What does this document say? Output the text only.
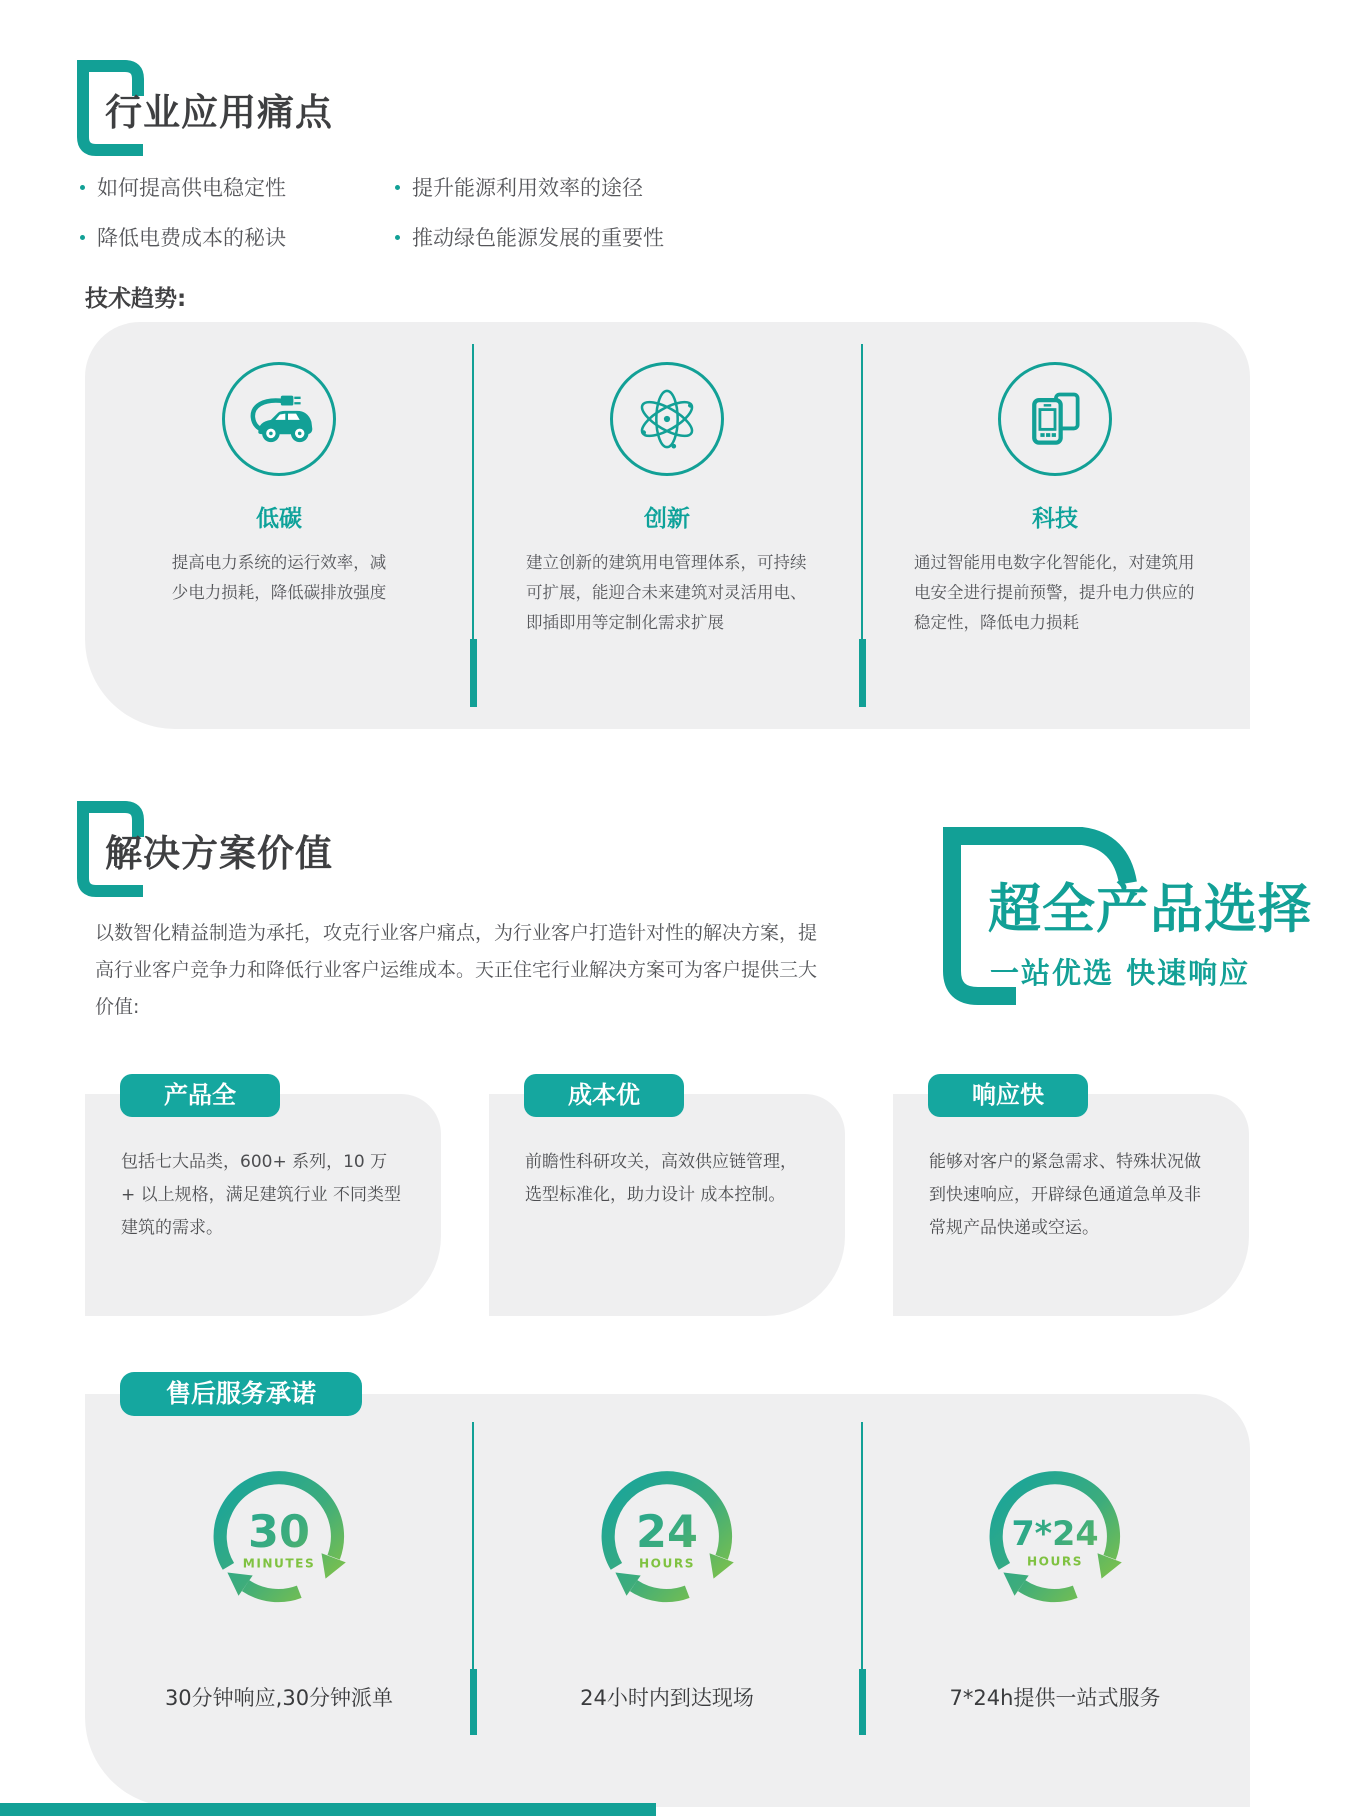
行业应用痛点
如何提高供电稳定性	提升能源利用效率的途径
降低电费成本的秘诀	推动绿色能源发展的重要性
技术趋势:
低碳
提高电力系统的运行效率，减少电力损耗，降低碳排放强度
创新
建立创新的建筑用电管理体系，可持续可扩展，能迎合未来建筑对灵活用电、即插即用等定制化需求扩展
科技
通过智能用电数字化智能化，对建筑用电安全进行提前预警，提升电力供应的稳定性，降低电力损耗
解决方案价值

以数智化精益制造为承托，攻克行业客户痛点，为行业客户打造针对性的解决方案，提高行业客户竞争力和降低行业客户运维成本。天正住宅行业解决方案可为客户提供三大价值:

超全产品选择
一站优选 快速响应
产品全
包括七大品类，600+ 系列，10 万 + 以上规格，满足建筑行业 不同类型建筑的需求。
成本优
前瞻性科研攻关，高效供应链管理，选型标准化，助力设计 成本控制。
响应快
能够对客户的紧急需求、特殊状况做到快速响应，开辟绿色通道急单及非常规产品快递或空运。
售后服务承诺
30
MINUTES
30分钟响应,30分钟派单
24
HOURS
24小时内到达现场
7*24
HOURS
7*24h提供一站式服务
